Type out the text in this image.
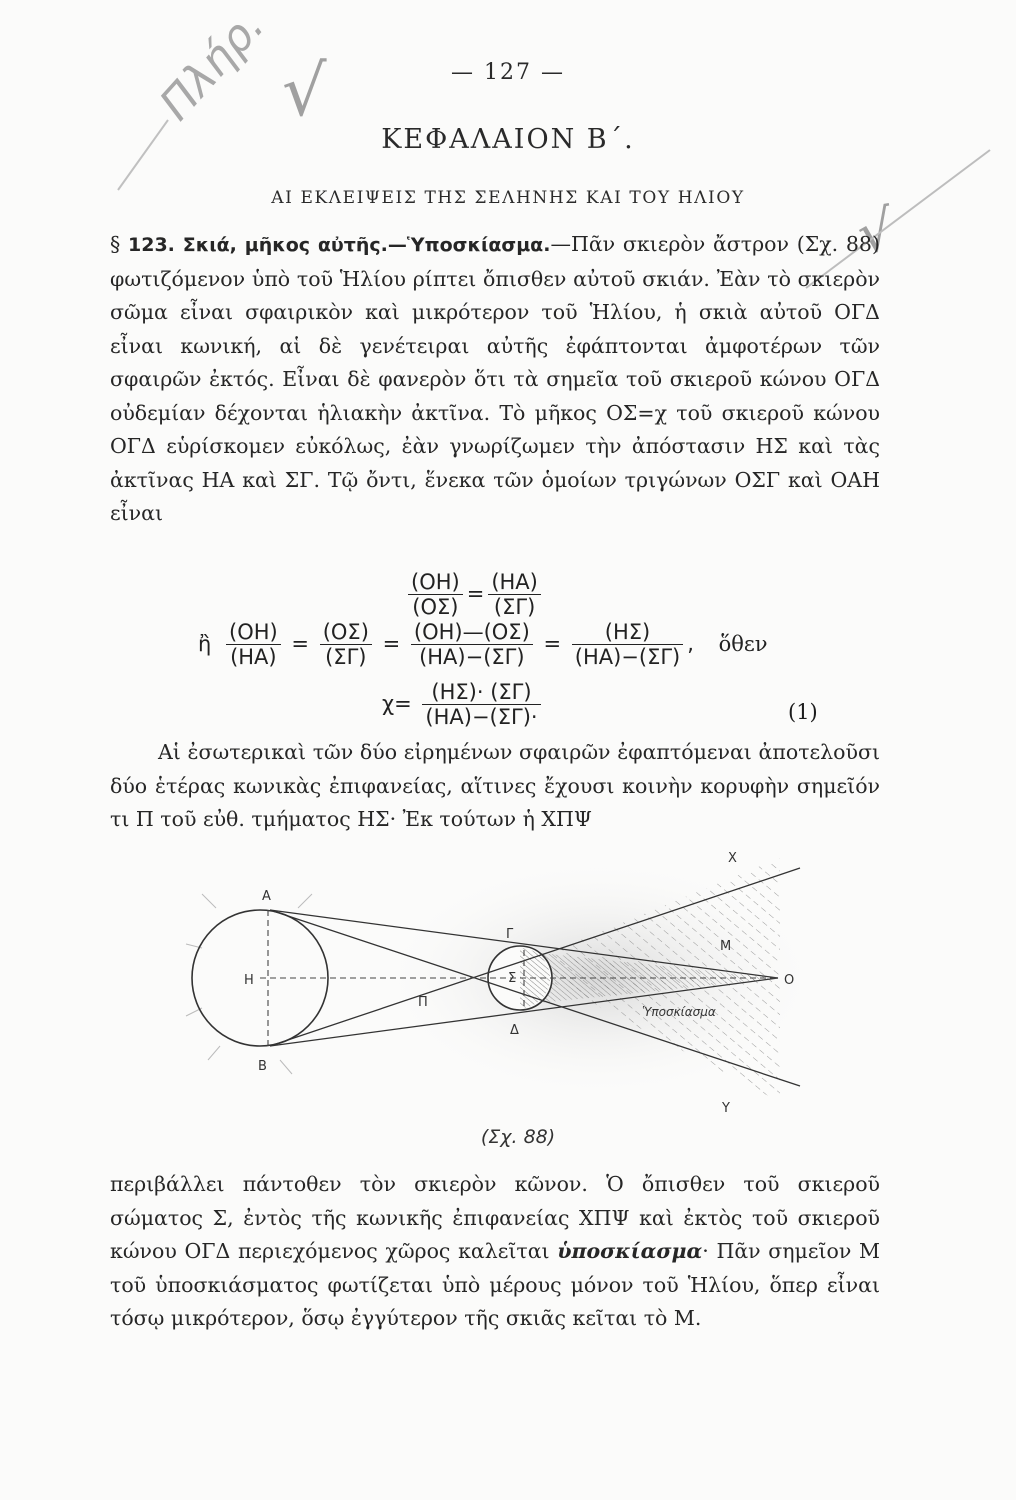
Πλήρ. √
√
— 127 —
ΚΕΦΑΛΑΙΟΝ Β΄.
ΑΙ ΕΚΛΕΙΨΕΙΣ ΤΗΣ ΣΕΛΗΝΗΣ ΚΑΙ ΤΟΥ ΗΛΙΟΥ
§ 123. Σκιά, μῆκος αὐτῆς.—Ὑποσκίασμα.—Πᾶν σκιερὸν ἄστρον (Σχ. 88) φωτιζόμενον ὑπὸ τοῦ Ἡλίου ρίπτει ὄπισθεν αὐτοῦ σκιάν. Ἐὰν τὸ σκιερὸν σῶμα εἶναι σφαιρικὸν καὶ μικρότερον τοῦ Ἡλίου, ἡ σκιὰ αὐτοῦ ΟΓΔ εἶναι κωνική, αἱ δὲ γενέτειραι αὐτῆς ἐφάπτονται ἀμφοτέρων τῶν σφαιρῶν ἐκτός. Εἶναι δὲ φανερὸν ὅτι τὰ σημεῖα τοῦ σκιεροῦ κώνου ΟΓΔ οὐδεμίαν δέχονται ἡλιακὴν ἀκτῖνα. Τὸ μῆκος ΟΣ=χ τοῦ σκιεροῦ κώνου ΟΓΔ εὑρίσκομεν εὐκόλως, ἐὰν γνωρίζωμεν τὴν ἀπόστασιν ΗΣ καὶ τὰς ἀκτῖνας ΗΑ καὶ ΣΓ. Τῷ ὄντι, ἕνεκα τῶν ὁμοίων τριγώνων ΟΣΓ καὶ ΟΑΗ εἶναι
$\frac{(OH)}{(O\Sigma)} = \frac{(HA)}{(\Sigma\Gamma)}$
ἢ $\frac{(OH)}{(HA)} = \frac{(O\Sigma)}{(\Sigma\Gamma)} = \frac{(OH)—(O\Sigma)}{(HA)-(\Sigma\Gamma)} = \frac{(H\Sigma)}{(HA)-(\Sigma\Gamma)}$ , ὅθεν
$\chi= \frac{(H\Sigma)\cdot (\Sigma\Gamma)}{(HA)-(\Sigma\Gamma)\cdot}$	(1)
Αἱ ἐσωτερικαὶ τῶν δύο εἰρημένων σφαιρῶν ἐφαπτόμεναι ἀποτελοῦσι δύο ἑτέρας κωνικὰς ἐπιφανείας, αἵτινες ἔχουσι κοινὴν κορυφὴν σημεῖόν τι Π τοῦ εὐθ. τμήματος ΗΣ· Ἐκ τούτων ἡ ΧΠΨ
Α
Β
Η
Π
Γ
Σ
Δ
Ο
Μ
Χ
Υ
Ὑποσκίασμα
(Σχ. 88)
περιβάλλει πάντοθεν τὸν σκιερὸν κῶνον. Ὁ ὄπισθεν τοῦ σκιεροῦ σώματος Σ, ἐντὸς τῆς κωνικῆς ἐπιφανείας ΧΠΨ καὶ ἐκτὸς τοῦ σκιεροῦ κώνου ΟΓΔ περιεχόμενος χῶρος καλεῖται ὑποσκίασμα· Πᾶν σημεῖον Μ τοῦ ὑποσκιάσματος φωτίζεται ὑπὸ μέρους μόνον τοῦ Ἡλίου, ὅπερ εἶναι τόσῳ μικρότερον, ὅσῳ ἐγγύτερον τῆς σκιᾶς κεῖται τὸ Μ.
